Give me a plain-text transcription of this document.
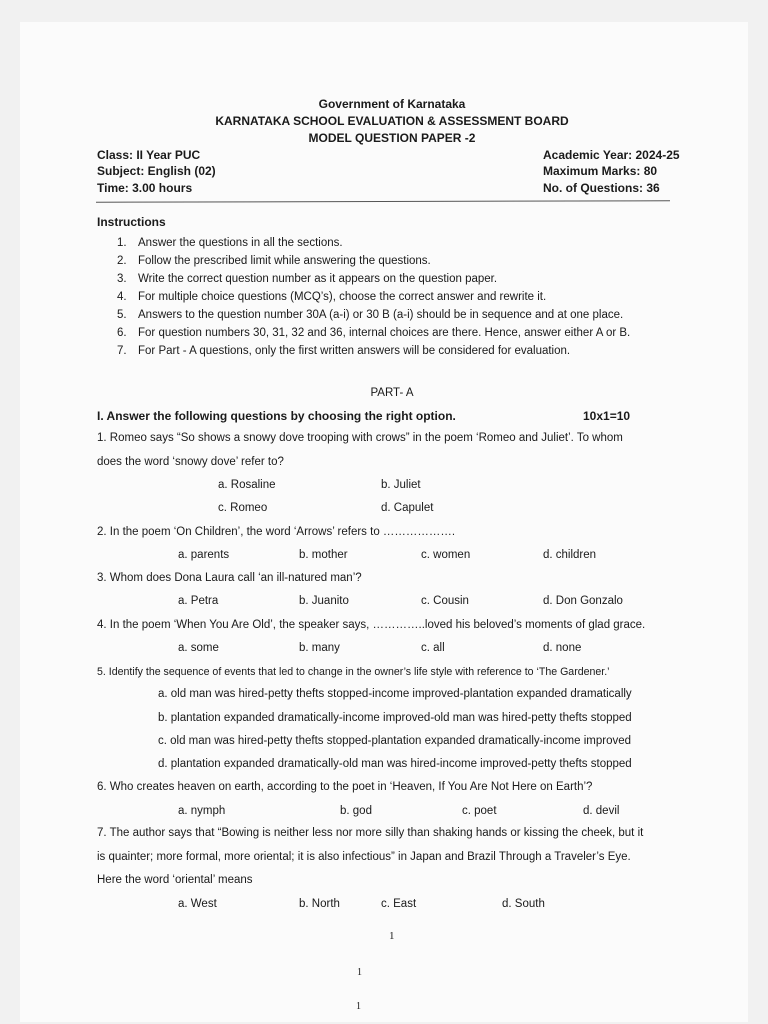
Government of Karnataka
KARNATAKA SCHOOL EVALUATION & ASSESSMENT BOARD
MODEL QUESTION PAPER -2
Class: II Year PUC
Subject: English (02)
Time: 3.00 hours
Academic Year: 2024-25
Maximum Marks: 80
No. of Questions: 36
Instructions
1. Answer the questions in all the sections.
2. Follow the prescribed limit while answering the questions.
3. Write the correct question number as it appears on the question paper.
4. For multiple choice questions (MCQ’s), choose the correct answer and rewrite it.
5. Answers to the question number 30A (a-i) or 30 B (a-i) should be in sequence and at one place.
6. For question numbers 30, 31, 32 and 36, internal choices are there. Hence, answer either A or B.
7. For Part - A questions, only the first written answers will be considered for evaluation.
PART- A
I. Answer the following questions by choosing the right option.	10x1=10
1. Romeo says “So shows a snowy dove trooping with crows” in the poem ‘Romeo and Juliet’. To whom
does the word ‘snowy dove’ refer to?
a. Rosaline	b. Juliet
c. Romeo	d. Capulet
2. In the poem ‘On Children’, the word ‘Arrows’ refers to ……………….
a. parents	b. mother	c. women	d. children
3. Whom does Dona Laura call ‘an ill-natured man’?
a. Petra	b. Juanito	c. Cousin	d. Don Gonzalo
4. In the poem ‘When You Are Old’, the speaker says, …………..loved his beloved’s moments of glad grace.
a. some	b. many	c. all	d. none
5. Identify the sequence of events that led to change in the owner’s life style with reference to ‘The Gardener.’
a. old man was hired-petty thefts stopped-income improved-plantation expanded dramatically
b. plantation expanded dramatically-income improved-old man was hired-petty thefts stopped
c. old man was hired-petty thefts stopped-plantation expanded dramatically-income improved
d. plantation expanded dramatically-old man was hired-income improved-petty thefts stopped
6. Who creates heaven on earth, according to the poet in ‘Heaven, If You Are Not Here on Earth’?
a. nymph	b. god	c. poet	d. devil
7. The author says that “Bowing is neither less nor more silly than shaking hands or kissing the cheek, but it
is quainter; more formal, more oriental; it is also infectious” in Japan and Brazil Through a Traveler’s Eye.
Here the word ‘oriental’ means
a. West	b. North	c. East	d. South
1
1
1
